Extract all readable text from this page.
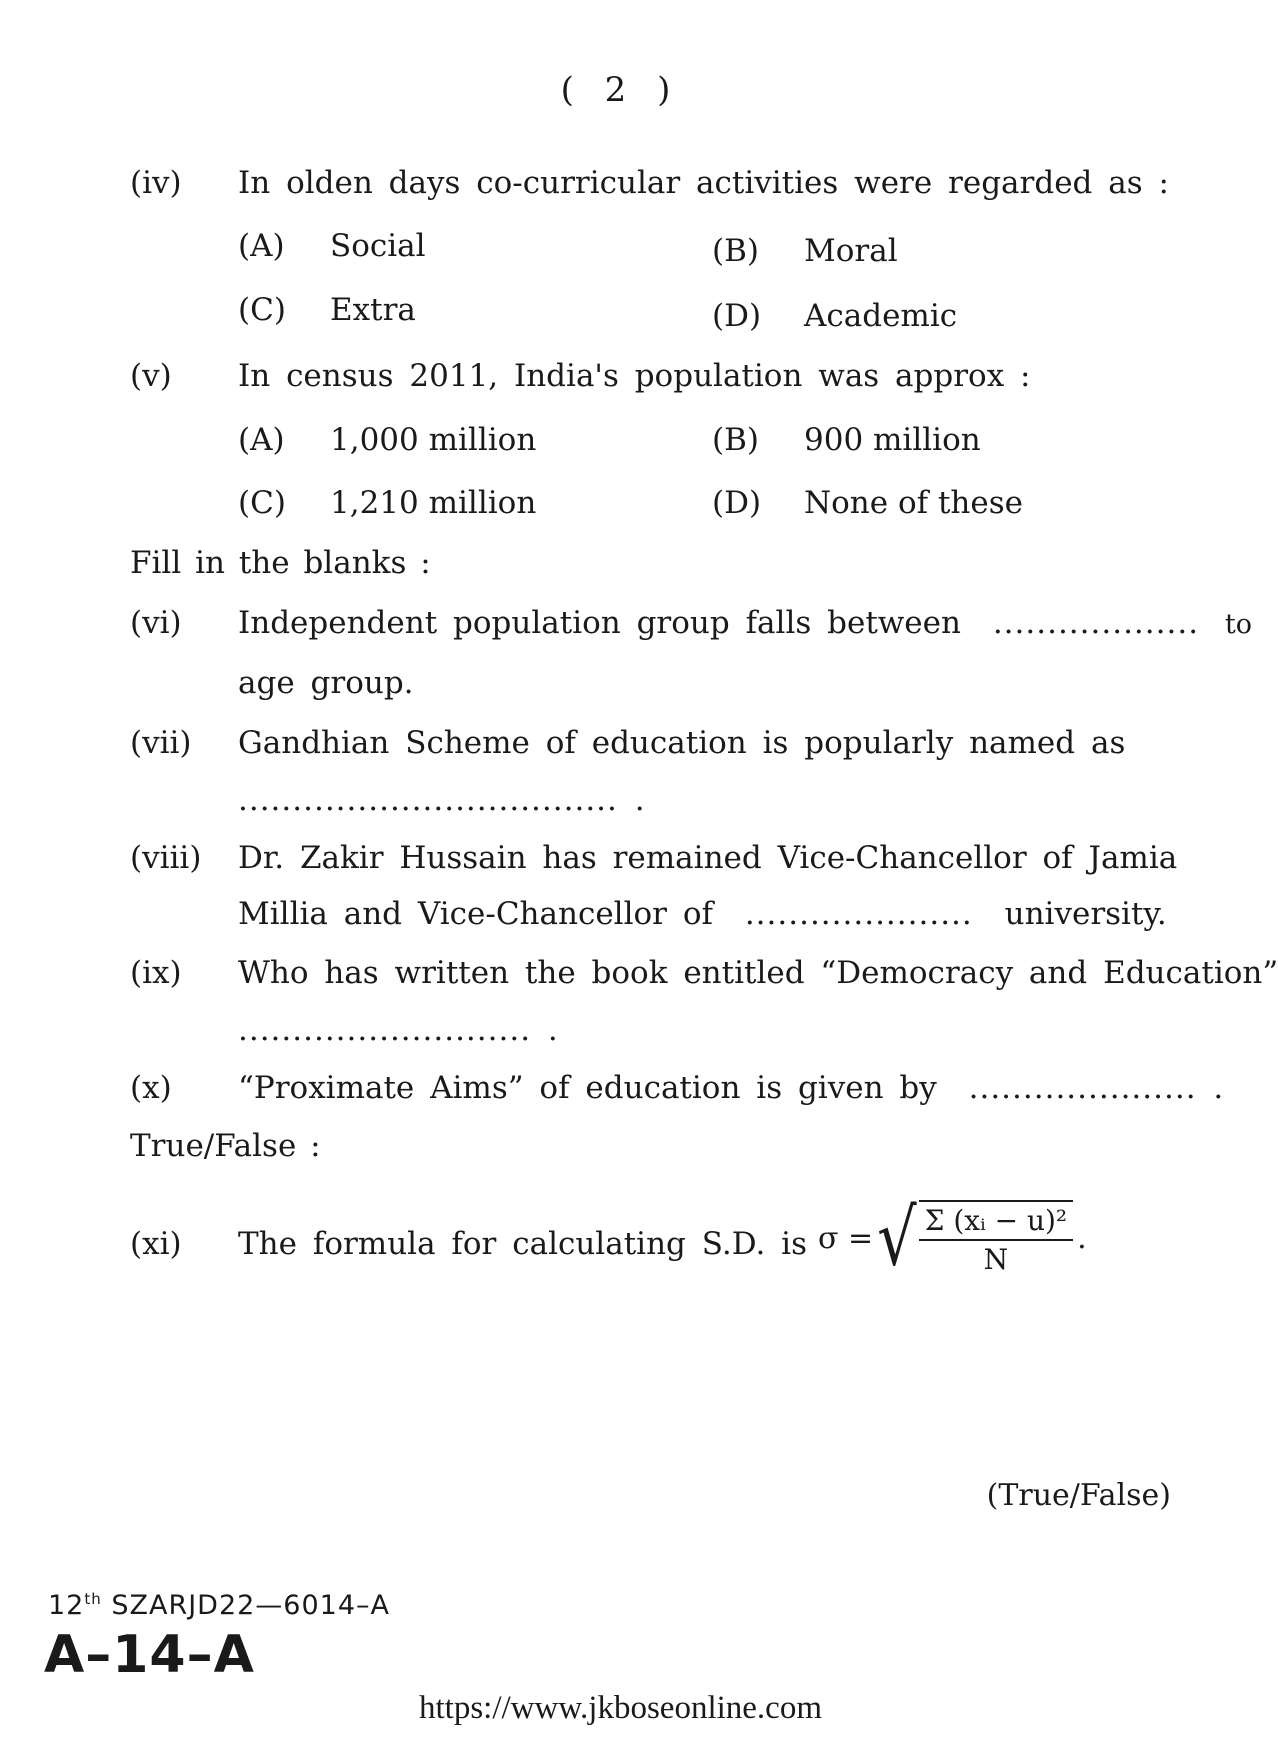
( 2 )
(iv) In olden days co-curricular activities were regarded as :
(A) Social	(B) Moral
(C) Extra	(D) Academic
(v) In census 2011, India's population was approx :
(A) 1,000 million	(B) 900 million
(C) 1,210 million	(D) None of these
Fill in the blanks :
(vi) Independent population group falls between ................... to
age group.
(vii) Gandhian Scheme of education is popularly named as
................................... .
(viii) Dr. Zakir Hussain has remained Vice-Chancellor of Jamia
Millia and Vice-Chancellor of ..................... university.
(ix) Who has written the book entitled “Democracy and Education”
........................... .
(x) “Proximate Aims” of education is given by ..................... .
True/False :
(xi) The formula for calculating S.D. is σ = √ $\frac{\text{Σ (xᵢ − u)²}}{N}$ .
(True/False)
12th SZARJD22—6014–A
A–14–A
https://www.jkboseonline.com
